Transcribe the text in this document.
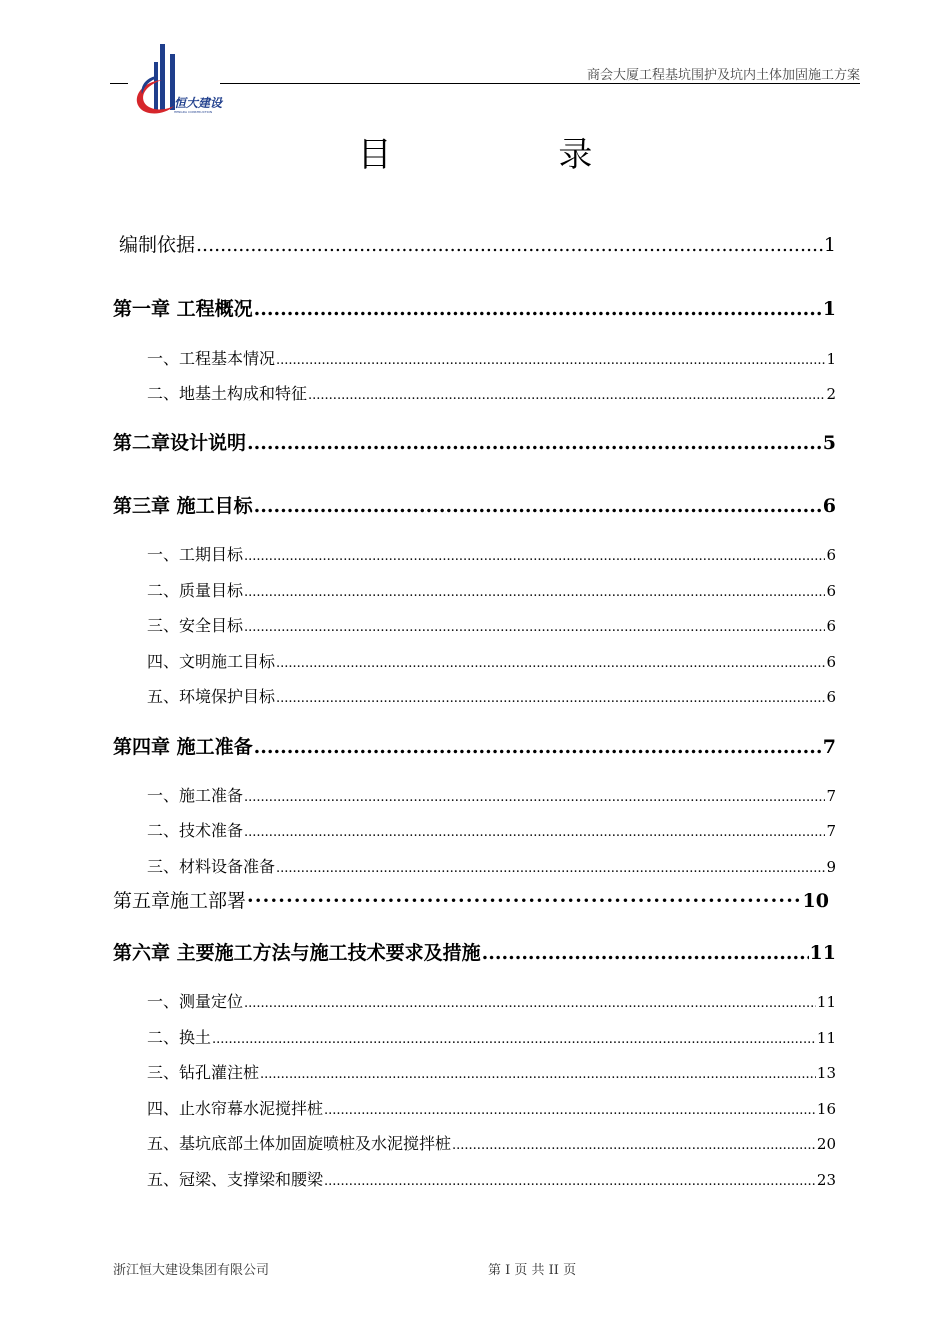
恒大建设
HENGDA CONSTRUCTION
商会大厦工程基坑围护及坑内土体加固施工方案
目 录
编制依据 .....	1
第一章 工程概况 .....	1
一、工程基本情况 .....	1
二、地基土构成和特征 .....	2
第二章设计说明 .....	5
第三章 施工目标 .....	6
一、工期目标 .....	6
二、质量目标 .....	6
三、安全目标 .....	6
四、文明施工目标 .....	6
五、环境保护目标 .....	6
第四章 施工准备 .....	7
一、施工准备 .....	7
二、技术准备 .....	7
三、材料设备准备 .....	9
第五章施工部署 ·····	10
第六章 主要施工方法与施工技术要求及措施 .....	11
一、测量定位 .....	11
二、换土 .....	11
三、钻孔灌注桩 .....	13
四、止水帘幕水泥搅拌桩 .....	16
五、基坑底部土体加固旋喷桩及水泥搅拌桩 .....	20
五、冠梁、支撑梁和腰梁 .....	23
浙江恒大建设集团有限公司	第 I 页 共 II 页
